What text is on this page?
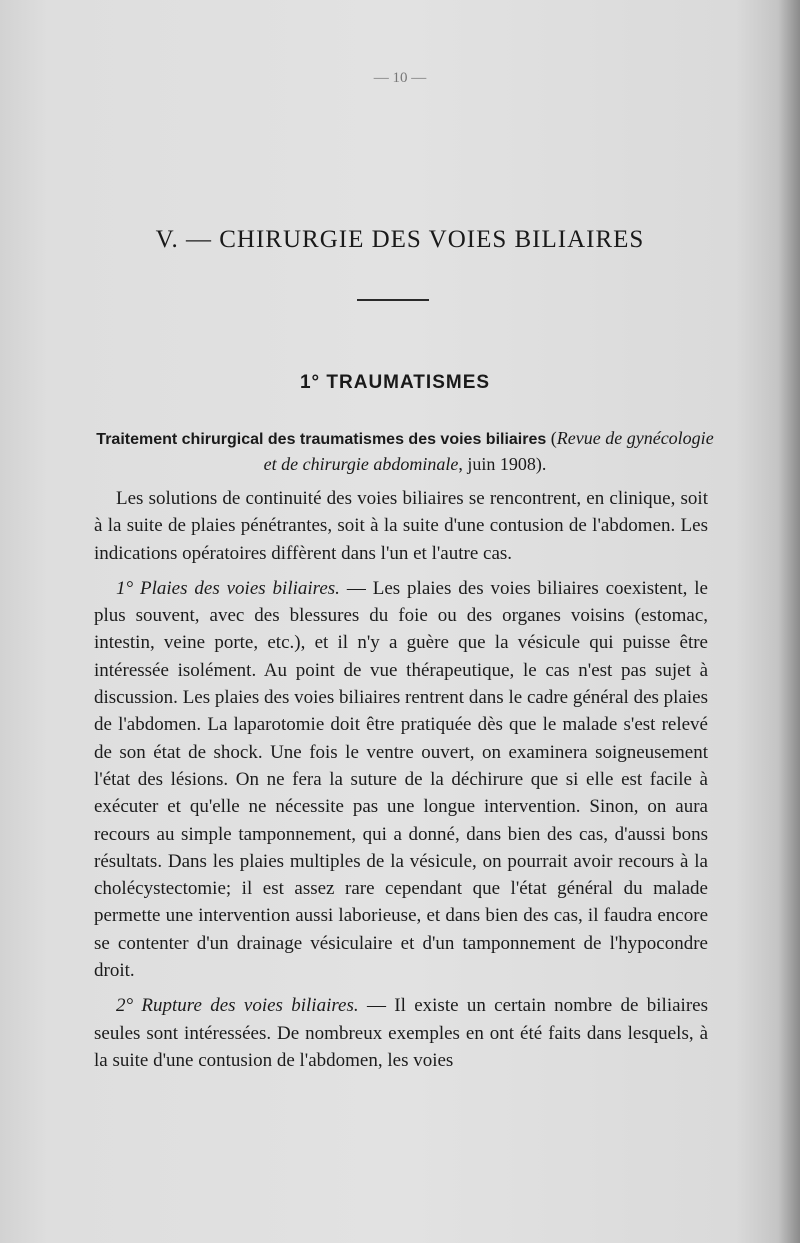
— 10 —
V. — CHIRURGIE DES VOIES BILIAIRES
1° TRAUMATISMES
Traitement chirurgical des traumatismes des voies biliaires (Revue de gynécologie et de chirurgie abdominale, juin 1908).

Les solutions de continuité des voies biliaires se rencontrent, en clinique, soit à la suite de plaies pénétrantes, soit à la suite d'une contusion de l'abdomen. Les indications opératoires diffèrent dans l'un et l'autre cas.

1° Plaies des voies biliaires. — Les plaies des voies biliaires coexistent, le plus souvent, avec des blessures du foie ou des organes voisins (estomac, intestin, veine porte, etc.), et il n'y a guère que la vésicule qui puisse être intéressée isolément. Au point de vue thérapeutique, le cas n'est pas sujet à discussion. Les plaies des voies biliaires rentrent dans le cadre général des plaies de l'abdomen. La laparotomie doit être pratiquée dès que le malade s'est relevé de son état de shock. Une fois le ventre ouvert, on examinera soigneusement l'état des lésions. On ne fera la suture de la déchirure que si elle est facile à exécuter et qu'elle ne nécessite pas une longue intervention. Sinon, on aura recours au simple tamponnement, qui a donné, dans bien des cas, d'aussi bons résultats. Dans les plaies multiples de la vésicule, on pourrait avoir recours à la cholécystectomie; il est assez rare cependant que l'état général du malade permette une intervention aussi laborieuse, et dans bien des cas, il faudra encore se contenter d'un drainage vésiculaire et d'un tamponnement de l'hypocondre droit.

2° Rupture des voies biliaires. — Il existe un certain nombre de biliaires seules sont intéressées. De nombreux exemples en ont été faits dans lesquels, à la suite d'une contusion de l'abdomen, les voies
